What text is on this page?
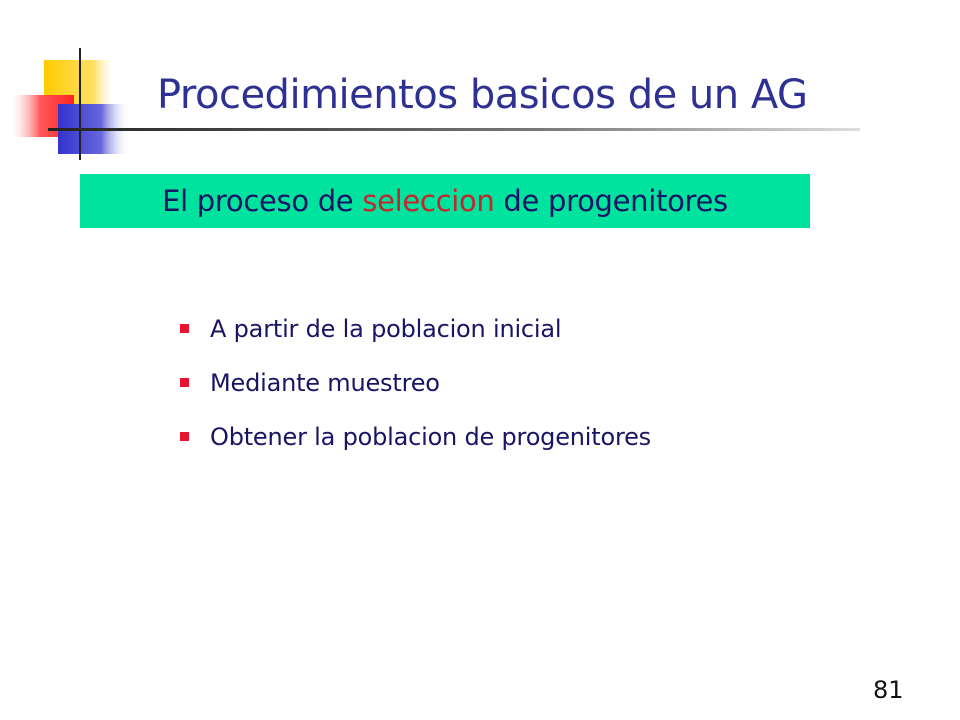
Procedimientos basicos de un AG
El proceso de seleccion de progenitores
A partir de la poblacion inicial
Mediante muestreo
Obtener la poblacion de progenitores
81
